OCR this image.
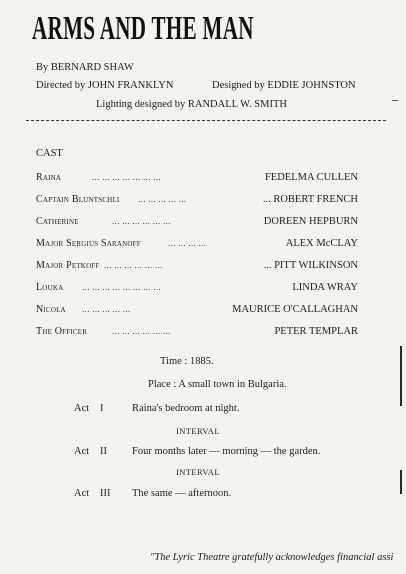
ARMS AND THE MAN
By BERNARD SHAW
Directed by JOHN FRANKLYN	Designed by EDDIE JOHNSTON
Lighting designed by RANDALL W. SMITH
CAST
Raina	... ... ... ... ... ... ...	FEDELMA CULLEN
Captain Bluntschli ... ... ... ... ...	... ROBERT FRENCH
Catherine	... ... ... ... ... ...	DOREEN HEPBURN
Major Sergius Saranoff	... ... ... ...	ALEX McCLAY
Major Petkoff ... ... ... ... ... ...	... PITT WILKINSON
Louka ... ... ... ... ... ... ... ...	LINDA WRAY
Nicola ... ... ... ... ...	MAURICE O'CALLAGHAN
The Officer	... ... ... ... ... ...	PETER TEMPLAR
Time : 1885.
Place : A small town in Bulgaria.
Act I	Raina's bedroom at night.
INTERVAL
Act II Four months later — morning — the garden.
INTERVAL
Act III The same — afternoon.
"The Lyric Theatre gratefully acknowledges financial assi
